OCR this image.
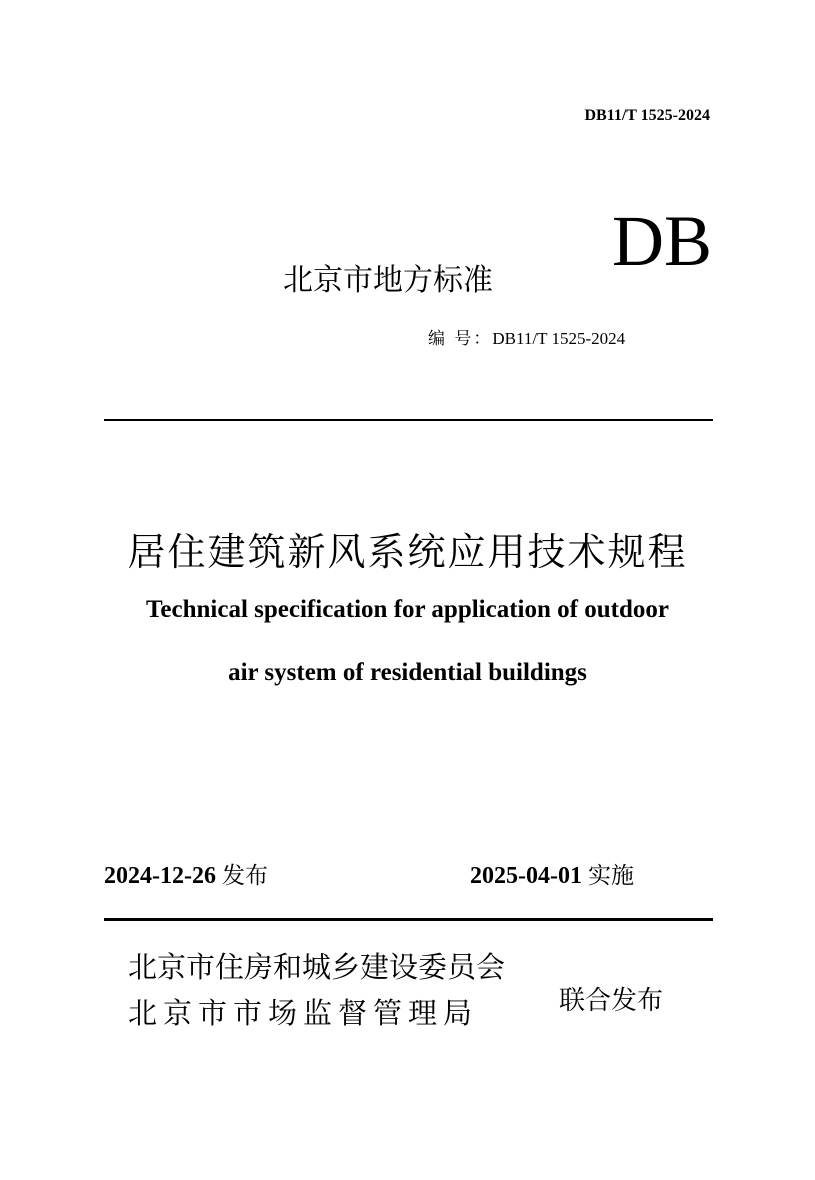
DB11/T 1525-2024
北京市地方标准 DB
编 号：DB11/T 1525-2024
居住建筑新风系统应用技术规程
Technical specification for application of outdoor
air system of residential buildings
2024-12-26 发布	2025-04-01 实施
北京市住房和城乡建设委员会
北京市市场监督管理局	联合发布
